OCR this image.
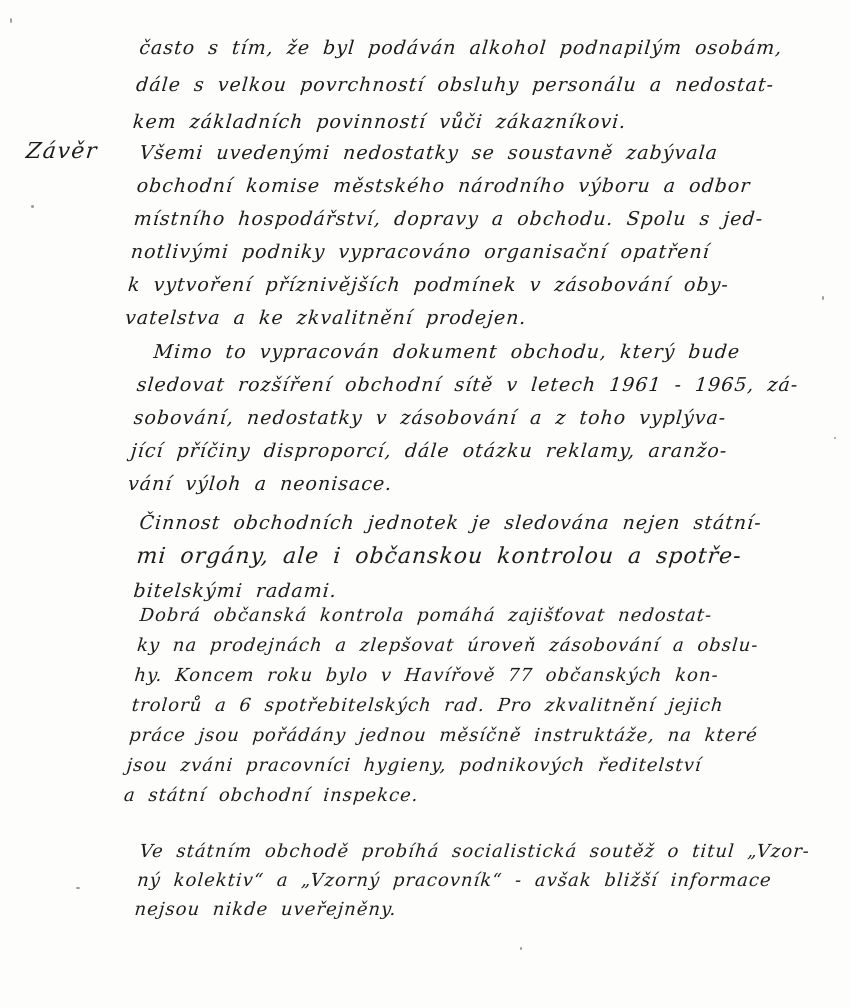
Závěr
často s tím, že byl podáván alkohol podnapilým osobám,
dále s velkou povrchností obsluhy personálu a nedostat-
kem základních povinností vůči zákazníkovi.
Všemi uvedenými nedostatky se soustavně zabývala
obchodní komise městského národního výboru a odbor
místního hospodářství, dopravy a obchodu. Spolu s jed-
notlivými podniky vypracováno organisační opatření
k vytvoření příznivějších podmínek v zásobování oby-
vatelstva a ke zkvalitnění prodejen.
Mimo to vypracován dokument obchodu, který bude
sledovat rozšíření obchodní sítě v letech 1961 - 1965, zá-
sobování, nedostatky v zásobování a z toho vyplýva-
jící příčiny disproporcí, dále otázku reklamy, aranžo-
vání výloh a neonisace.
Činnost obchodních jednotek je sledována nejen státní-
mi orgány, ale i občanskou kontrolou a spotře-
bitelskými radami.
Dobrá občanská kontrola pomáhá zajišťovat nedostat-
ky na prodejnách a zlepšovat úroveň zásobování a obslu-
hy. Koncem roku bylo v Havířově 77 občanských kon-
trolorů a 6 spotřebitelských rad. Pro zkvalitnění jejich
práce jsou pořádány jednou měsíčně instruktáže, na které
jsou zváni pracovníci hygieny, podnikových ředitelství
a státní obchodní inspekce.
Ve státním obchodě probíhá socialistická soutěž o titul „Vzor-
ný kolektiv“ a „Vzorný pracovník“ - avšak bližší informace
nejsou nikde uveřejněny.
